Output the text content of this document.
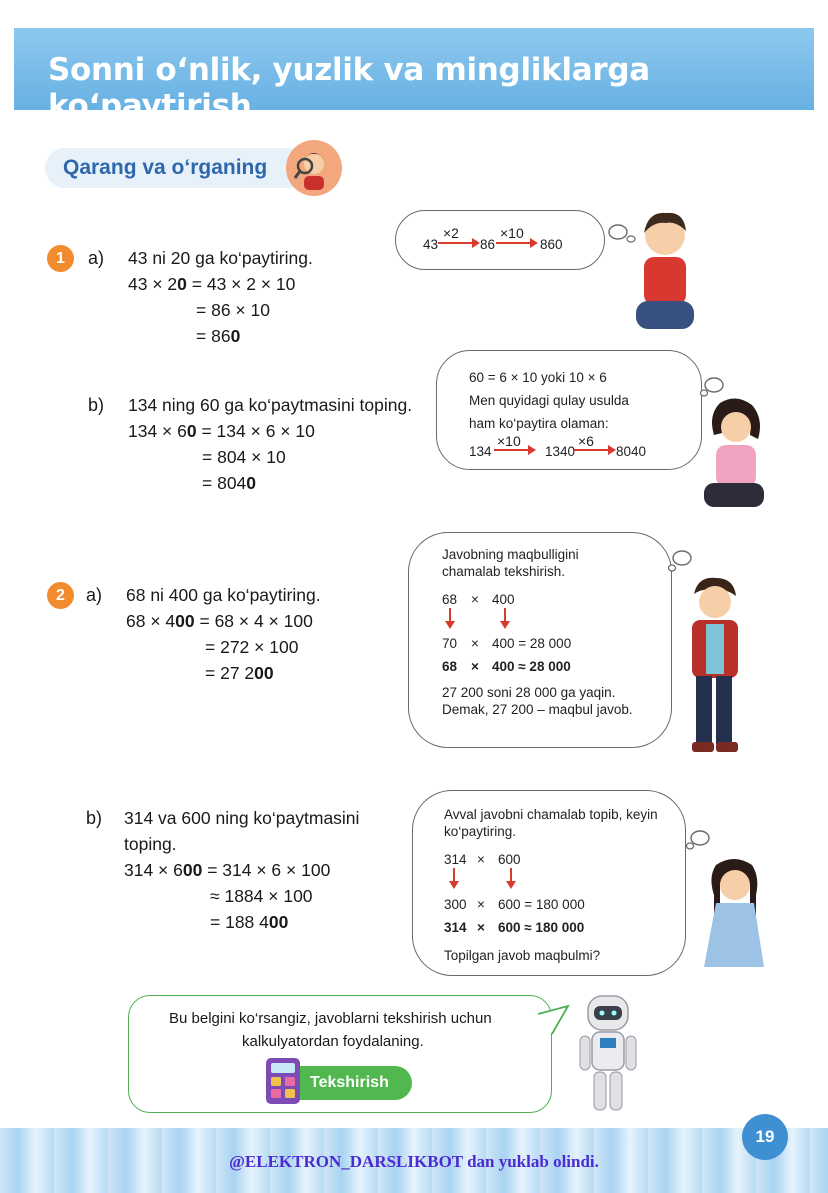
Sonni o‘nlik, yuzlik va mingliklarga ko‘paytirish
Qarang va o‘rganing
1	a) 43 ni 20 ga ko‘paytiring.
43 × 20 = 43 × 2 × 10
= 86 × 10
= 860
43
×2
86
×10
860
b) 134 ning 60 ga ko‘paytmasini toping.
134 × 60 = 134 × 6 × 10
= 804 × 10
= 8040
60 = 6 × 10 yoki 10 × 6
Men quyidagi qulay usulda
ham ko‘paytira olaman:
134
×10
1340
×6
8040
2	a) 68 ni 400 ga ko‘paytiring.
68 × 400 = 68 × 4 × 100
= 272 × 100
= 27 200
Javobning maqbulligini
chamalab tekshirish.
68 × 400
70 × 400 = 28 000
68 × 400 ≈ 28 000
27 200 soni 28 000 ga yaqin.
Demak, 27 200 – maqbul javob.
b) 314 va 600 ning ko‘paytmasini
toping.
314 × 600 = 314 × 6 × 100
≈ 1884 × 100
= 188 400
Avval javobni chamalab topib, keyin
ko‘paytiring.
314 × 600
300 × 600 = 180 000
314 × 600 ≈ 180 000
Topilgan javob maqbulmi?
Bu belgini ko‘rsangiz, javoblarni tekshirish uchun
kalkulyatordan foydalaning.
Tekshirish
19
@ELEKTRON_DARSLIKBOT dan yuklab olindi.
